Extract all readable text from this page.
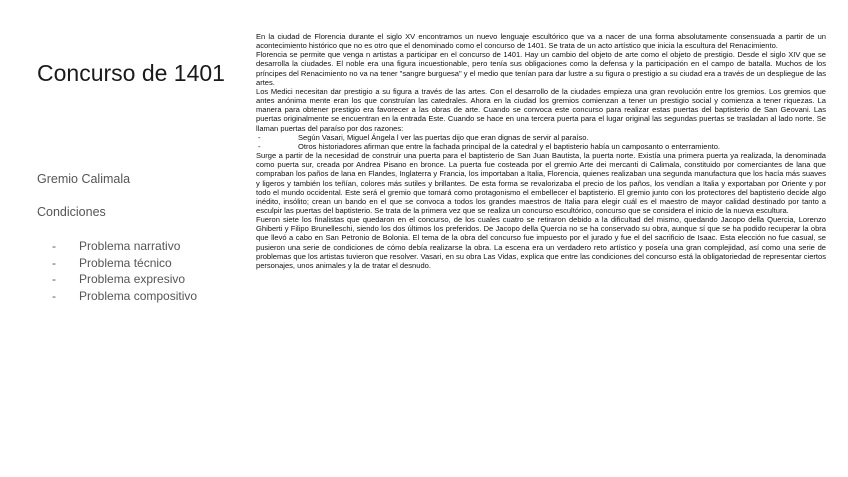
Concurso de 1401
Gremio Calimala
Condiciones
- Problema narrativo
- Problema técnico
- Problema expresivo
- Problema compositivo

En la ciudad de Florencia durante el siglo XV encontramos un nuevo lenguaje escultórico que va a nacer de una forma absolutamente consensuada a partir de un acontecimiento histórico que no es otro que el denominado como el concurso de 1401. Se trata de un acto artístico que inicia la escultura del Renacimiento.

Florencia se permite que venga n artistas a participar en el concurso de 1401. Hay un cambio del objeto de arte como el objeto de prestigio. Desde el siglo XIV que se desarrolla la ciudades. El noble era una figura incuestionable, pero tenía sus obligaciones como la defensa y la participación en el campo de batalla. Muchos de los príncipes del Renacimiento no va na tener "sangre burguesa" y el medio que tenían para dar lustre a su figura o prestigio a su ciudad era a través de un despliegue de las artes.

Los Medici necesitan dar prestigio a su figura a través de las artes. Con el desarrollo de la ciudades empieza una gran revolución entre los gremios. Los gremios que antes anónima mente eran los que construían las catedrales. Ahora en la ciudad los gremios comienzan a tener un prestigio social y comienza a tener riquezas. La manera para obtener prestigio era favorecer a las obras de arte. Cuando se convoca este concurso para realizar estas puertas del baptisterio de San Geovani. Las puertas originalmente se encuentran en la entrada Este. Cuando se hace en una tercera puerta para el lugar original las segundas puertas se trasladan al lado norte. Se llaman puertas del paraíso por dos razones:

- Según Vasari, Miguel Ángela l ver las puertas dijo que eran dignas de servir al paraíso.

- Otros historiadores afirman que entre la fachada principal de la catedral y el baptisterio había un camposanto o enterramiento.

Surge a partir de la necesidad de construir una puerta para el baptisterio de San Juan Bautista, la puerta norte. Existía una primera puerta ya realizada, la denominada como puerta sur, creada por Andrea Pisano en bronce. La puerta fue costeada por el gremio Arte dei mercanti di Calimala, constituido por comerciantes de lana que compraban los paños de lana en Flandes, Inglaterra y Francia, los importaban a Italia, Florencia, quienes realizaban una segunda manufactura que los hacía más suaves y ligeros y también los teñían, colores más sutiles y brillantes. De esta forma se revalorizaba el precio de los paños, los vendían a Italia y exportaban por Oriente y por todo el mundo occidental. Este será el gremio que tomará como protagonismo el embellecer el baptisterio. El gremio junto con los protectores del baptisterio decide algo inédito, insólito; crean un bando en el que se convoca a todos los grandes maestros de Italia para elegir cuál es el maestro de mayor calidad destinado por tanto a esculpir las puertas del baptisterio. Se trata de la primera vez que se realiza un concurso escultórico, concurso que se considera el inicio de la nueva escultura.

Fueron siete los finalistas que quedaron en el concurso, de los cuales cuatro se retiraron debido a la dificultad del mismo, quedando Jacopo della Quercia, Lorenzo Ghiberti y Filipo Brunelleschi, siendo los dos últimos los preferidos. De Jacopo della Quercia no se ha conservado su obra, aunque sí que se ha podido recuperar la obra que llevó a cabo en San Petronio de Bolonia. El tema de la obra del concurso fue impuesto por el jurado y fue el del sacrificio de Isaac. Esta elección no fue casual, se pusieron una serie de condiciones de cómo debía realizarse la obra. La escena era un verdadero reto artístico y poseía una gran complejidad, así como una serie de problemas que los artistas tuvieron que resolver. Vasari, en su obra Las Vidas, explica que entre las condiciones del concurso está la obligatoriedad de representar ciertos personajes, unos animales y la de tratar el desnudo.
